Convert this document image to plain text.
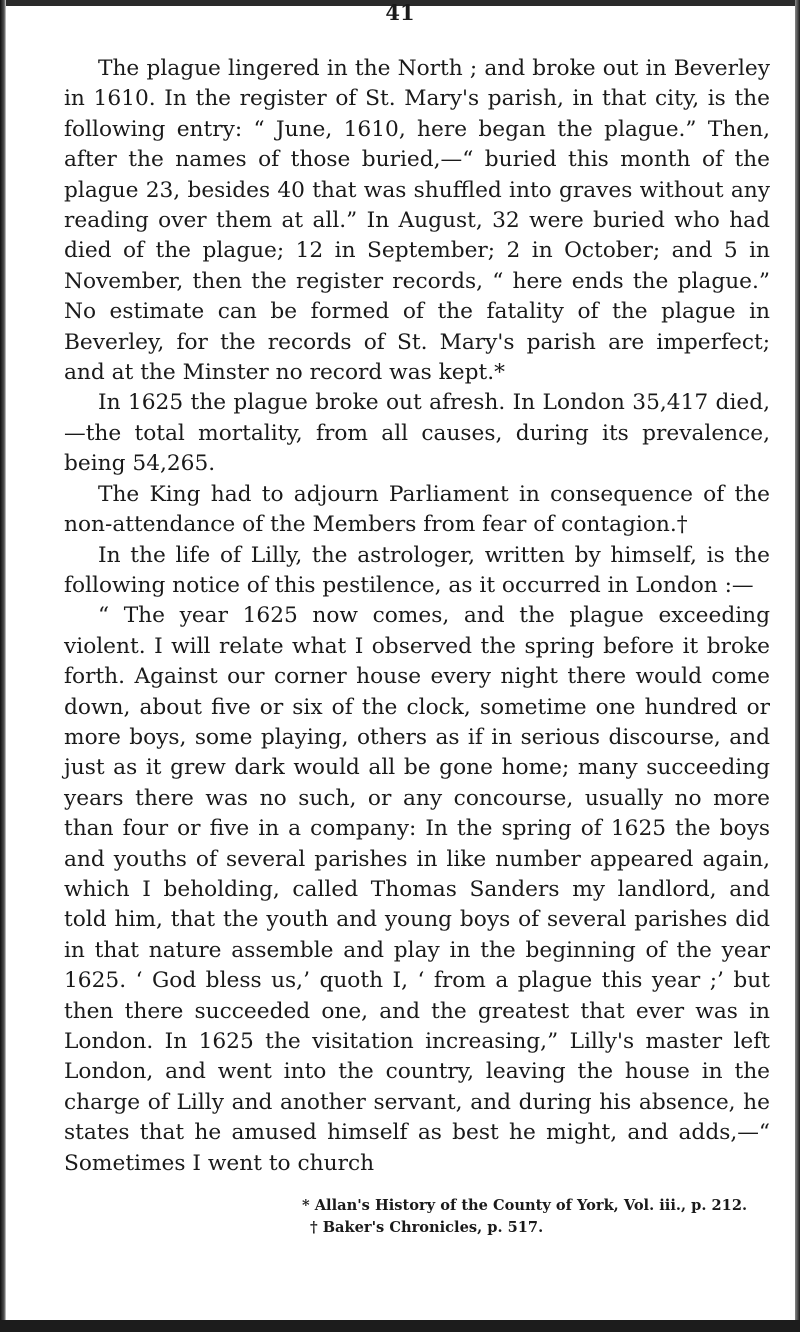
41

The plague lingered in the North ; and broke out in Beverley in 1610. In the register of St. Mary's parish, in that city, is the following entry: “ June, 1610, here began the plague.” Then, after the names of those buried,—“ buried this month of the plague 23, besides 40 that was shuffled into graves without any reading over them at all.” In August, 32 were buried who had died of the plague; 12 in September; 2 in October; and 5 in November, then the register records, “ here ends the plague.” No estimate can be formed of the fatality of the plague in Beverley, for the records of St. Mary's parish are imperfect; and at the Minster no record was kept.*

In 1625 the plague broke out afresh. In London 35,417 died, —the total mortality, from all causes, during its prevalence, being 54,265.

The King had to adjourn Parliament in consequence of the non-attendance of the Members from fear of contagion.†

In the life of Lilly, the astrologer, written by himself, is the following notice of this pestilence, as it occurred in London :—

“ The year 1625 now comes, and the plague exceeding violent. I will relate what I observed the spring before it broke forth. Against our corner house every night there would come down, about five or six of the clock, sometime one hundred or more boys, some playing, others as if in serious discourse, and just as it grew dark would all be gone home; many succeeding years there was no such, or any concourse, usually no more than four or five in a company: In the spring of 1625 the boys and youths of several parishes in like number appeared again, which I beholding, called Thomas Sanders my landlord, and told him, that the youth and young boys of several parishes did in that nature assemble and play in the beginning of the year 1625. ‘ God bless us,’ quoth I, ‘ from a plague this year ;’ but then there succeeded one, and the greatest that ever was in London. In 1625 the visitation increasing,” Lilly's master left London, and went into the country, leaving the house in the charge of Lilly and another servant, and during his absence, he states that he amused himself as best he might, and adds,—“ Sometimes I went to church

* Allan's History of the County of York, Vol. iii., p. 212.

† Baker's Chronicles, p. 517.
